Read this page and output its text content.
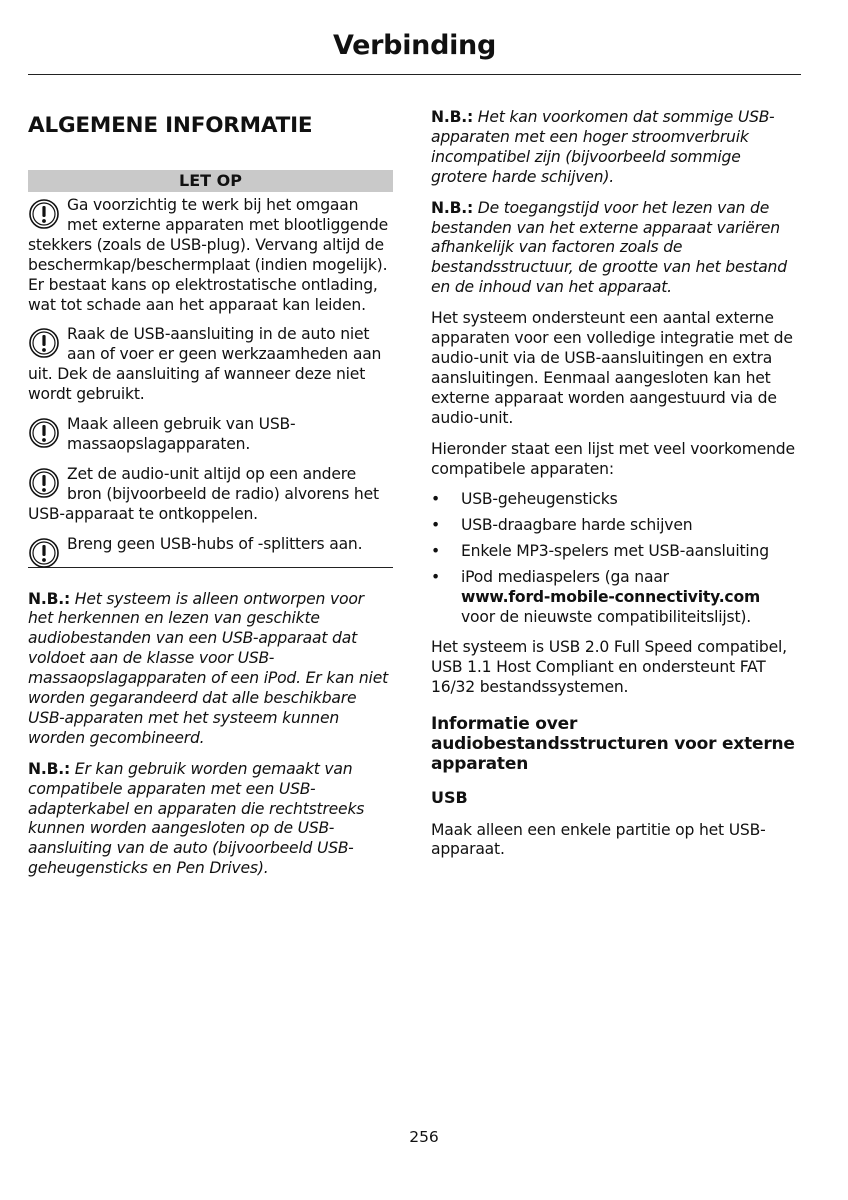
Verbinding
ALGEMENE INFORMATIE
LET OP
Ga voorzichtig te werk bij het omgaan met externe apparaten met blootliggende stekkers (zoals de USB-plug). Vervang altijd de beschermkap/beschermplaat (indien mogelijk). Er bestaat kans op elektrostatische ontlading, wat tot schade aan het apparaat kan leiden.
Raak de USB-aansluiting in de auto niet aan of voer er geen werkzaamheden aan uit. Dek de aansluiting af wanneer deze niet wordt gebruikt.
Maak alleen gebruik van USB-massaopslagapparaten.
Zet de audio-unit altijd op een andere bron (bijvoorbeeld de radio) alvorens het USB-apparaat te ontkoppelen.
Breng geen USB-hubs of -splitters aan.

N.B.: Het systeem is alleen ontworpen voor het herkennen en lezen van geschikte audiobestanden van een USB-apparaat dat voldoet aan de klasse voor USB-massaopslagapparaten of een iPod. Er kan niet worden gegarandeerd dat alle beschikbare USB-apparaten met het systeem kunnen worden gecombineerd.

N.B.: Er kan gebruik worden gemaakt van compatibele apparaten met een USB-adapterkabel en apparaten die rechtstreeks kunnen worden aangesloten op de USB-aansluiting van de auto (bijvoorbeeld USB-geheugensticks en Pen Drives).

N.B.: Het kan voorkomen dat sommige USB-apparaten met een hoger stroomverbruik incompatibel zijn (bijvoorbeeld sommige grotere harde schijven).

N.B.: De toegangstijd voor het lezen van de bestanden van het externe apparaat variëren afhankelijk van factoren zoals de bestandsstructuur, de grootte van het bestand en de inhoud van het apparaat.

Het systeem ondersteunt een aantal externe apparaten voor een volledige integratie met de audio-unit via de USB-aansluitingen en extra aansluitingen. Eenmaal aangesloten kan het externe apparaat worden aangestuurd via de audio-unit.

Hieronder staat een lijst met veel voorkomende compatibele apparaten:

• USB-geheugensticks
• USB-draagbare harde schijven
• Enkele MP3-spelers met USB-aansluiting
• iPod mediaspelers (ga naar
www.ford-mobile-connectivity.com
voor de nieuwste compatibiliteitslijst).

Het systeem is USB 2.0 Full Speed compatibel, USB 1.1 Host Compliant en ondersteunt FAT 16/32 bestandssystemen.

Informatie over audiobestandsstructuren voor externe apparaten
USB

Maak alleen een enkele partitie op het USB-apparaat.

256
